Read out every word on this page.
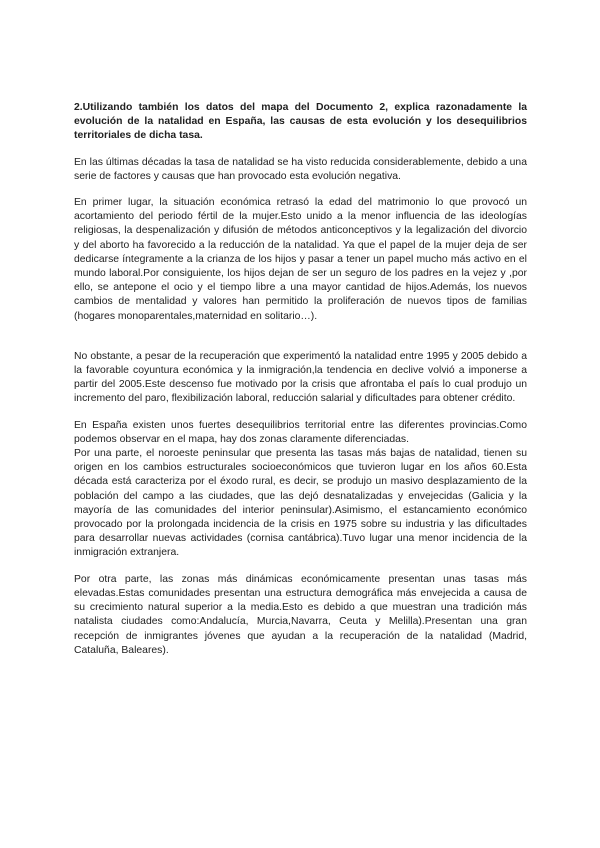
2.Utilizando también los datos del mapa del Documento 2, explica razonadamente la evolución de la natalidad en España, las causas de esta evolución y los desequilibrios territoriales de dicha tasa.

En las últimas décadas la tasa de natalidad se ha visto reducida considerablemente, debido a una serie de factores y causas que han provocado esta evolución negativa.

En primer lugar, la situación económica retrasó la edad del matrimonio lo que provocó un acortamiento del periodo fértil de la mujer.Esto unido a la menor influencia de las ideologías religiosas, la despenalización y difusión de métodos anticonceptivos y la legalización del divorcio y del aborto ha favorecido a la reducción de la natalidad. Ya que el papel de la mujer deja de ser dedicarse íntegramente a la crianza de los hijos y pasar a tener un papel mucho más activo en el mundo laboral.Por consiguiente, los hijos dejan de ser un seguro de los padres en la vejez y ,por ello, se antepone el ocio y el tiempo libre a una mayor cantidad de hijos.Además, los nuevos cambios de mentalidad y valores han permitido la proliferación de nuevos tipos de familias (hogares monoparentales,maternidad en solitario…).

No obstante, a pesar de la recuperación que experimentó la natalidad entre 1995 y 2005 debido a la favorable coyuntura económica y la inmigración,la tendencia en declive volvió a imponerse a partir del 2005.Este descenso fue motivado por la crisis que afrontaba el país lo cual produjo un incremento del paro, flexibilización laboral, reducción salarial y dificultades para obtener crédito.

En España existen unos fuertes desequilibrios territorial entre las diferentes provincias.Como podemos observar en el mapa, hay dos zonas claramente diferenciadas.

Por una parte, el noroeste peninsular que presenta las tasas más bajas de natalidad, tienen su origen en los cambios estructurales socioeconómicos que tuvieron lugar en los años 60.Esta década está caracteriza por el éxodo rural, es decir, se produjo un masivo desplazamiento de la población del campo a las ciudades, que las dejó desnatalizadas y envejecidas (Galicia y la mayoría de las comunidades del interior peninsular).Asimismo, el estancamiento económico provocado por la prolongada incidencia de la crisis en 1975 sobre su industria y las dificultades para desarrollar nuevas actividades (cornisa cantábrica).Tuvo lugar una menor incidencia de la inmigración extranjera.

Por otra parte, las zonas más dinámicas económicamente presentan unas tasas más elevadas.Estas comunidades presentan una estructura demográfica más envejecida a causa de su crecimiento natural superior a la media.Esto es debido a que muestran una tradición más natalista ciudades como:Andalucía, Murcia,Navarra, Ceuta y Melilla).Presentan una gran recepción de inmigrantes jóvenes que ayudan a la recuperación de la natalidad (Madrid, Cataluña, Baleares).
